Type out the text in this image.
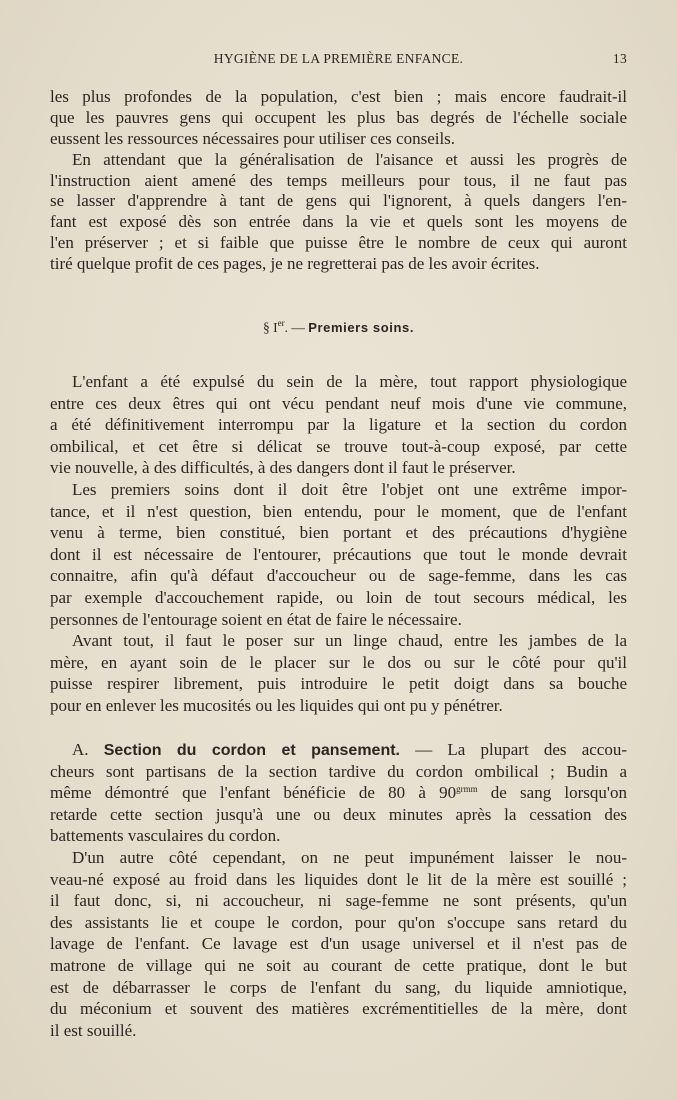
HYGIÈNE DE LA PREMIÈRE ENFANCE.	13
les plus profondes de la population, c'est bien ; mais encore faudrait-il
que les pauvres gens qui occupent les plus bas degrés de l'échelle sociale
eussent les ressources nécessaires pour utiliser ces conseils.
En attendant que la généralisation de l'aisance et aussi les progrès de
l'instruction aient amené des temps meilleurs pour tous, il ne faut pas
se lasser d'apprendre à tant de gens qui l'ignorent, à quels dangers l'en-
fant est exposé dès son entrée dans la vie et quels sont les moyens de
l'en préserver ; et si faible que puisse être le nombre de ceux qui auront
tiré quelque profit de ces pages, je ne regretterai pas de les avoir écrites.
§ Ier. — Premiers soins.
L'enfant a été expulsé du sein de la mère, tout rapport physiologique
entre ces deux êtres qui ont vécu pendant neuf mois d'une vie commune,
a été définitivement interrompu par la ligature et la section du cordon
ombilical, et cet être si délicat se trouve tout-à-coup exposé, par cette
vie nouvelle, à des difficultés, à des dangers dont il faut le préserver.
Les premiers soins dont il doit être l'objet ont une extrême impor-
tance, et il n'est question, bien entendu, pour le moment, que de l'enfant
venu à terme, bien constitué, bien portant et des précautions d'hygiène
dont il est nécessaire de l'entourer, précautions que tout le monde devrait
connaitre, afin qu'à défaut d'accoucheur ou de sage-femme, dans les cas
par exemple d'accouchement rapide, ou loin de tout secours médical, les
personnes de l'entourage soient en état de faire le nécessaire.
Avant tout, il faut le poser sur un linge chaud, entre les jambes de la
mère, en ayant soin de le placer sur le dos ou sur le côté pour qu'il
puisse respirer librement, puis introduire le petit doigt dans sa bouche
pour en enlever les mucosités ou les liquides qui ont pu y pénétrer.
A. Section du cordon et pansement. — La plupart des accou-
cheurs sont partisans de la section tardive du cordon ombilical ; Budin a
même démontré que l'enfant bénéficie de 80 à $90^{grmm}$ de sang lorsqu'on
retarde cette section jusqu'à une ou deux minutes après la cessation des
battements vasculaires du cordon.
D'un autre côté cependant, on ne peut impunément laisser le nou-
veau-né exposé au froid dans les liquides dont le lit de la mère est souillé ;
il faut donc, si, ni accoucheur, ni sage-femme ne sont présents, qu'un
des assistants lie et coupe le cordon, pour qu'on s'occupe sans retard du
lavage de l'enfant. Ce lavage est d'un usage universel et il n'est pas de
matrone de village qui ne soit au courant de cette pratique, dont le but
est de débarrasser le corps de l'enfant du sang, du liquide amniotique,
du méconium et souvent des matières excrémentitielles de la mère, dont
il est souillé.
